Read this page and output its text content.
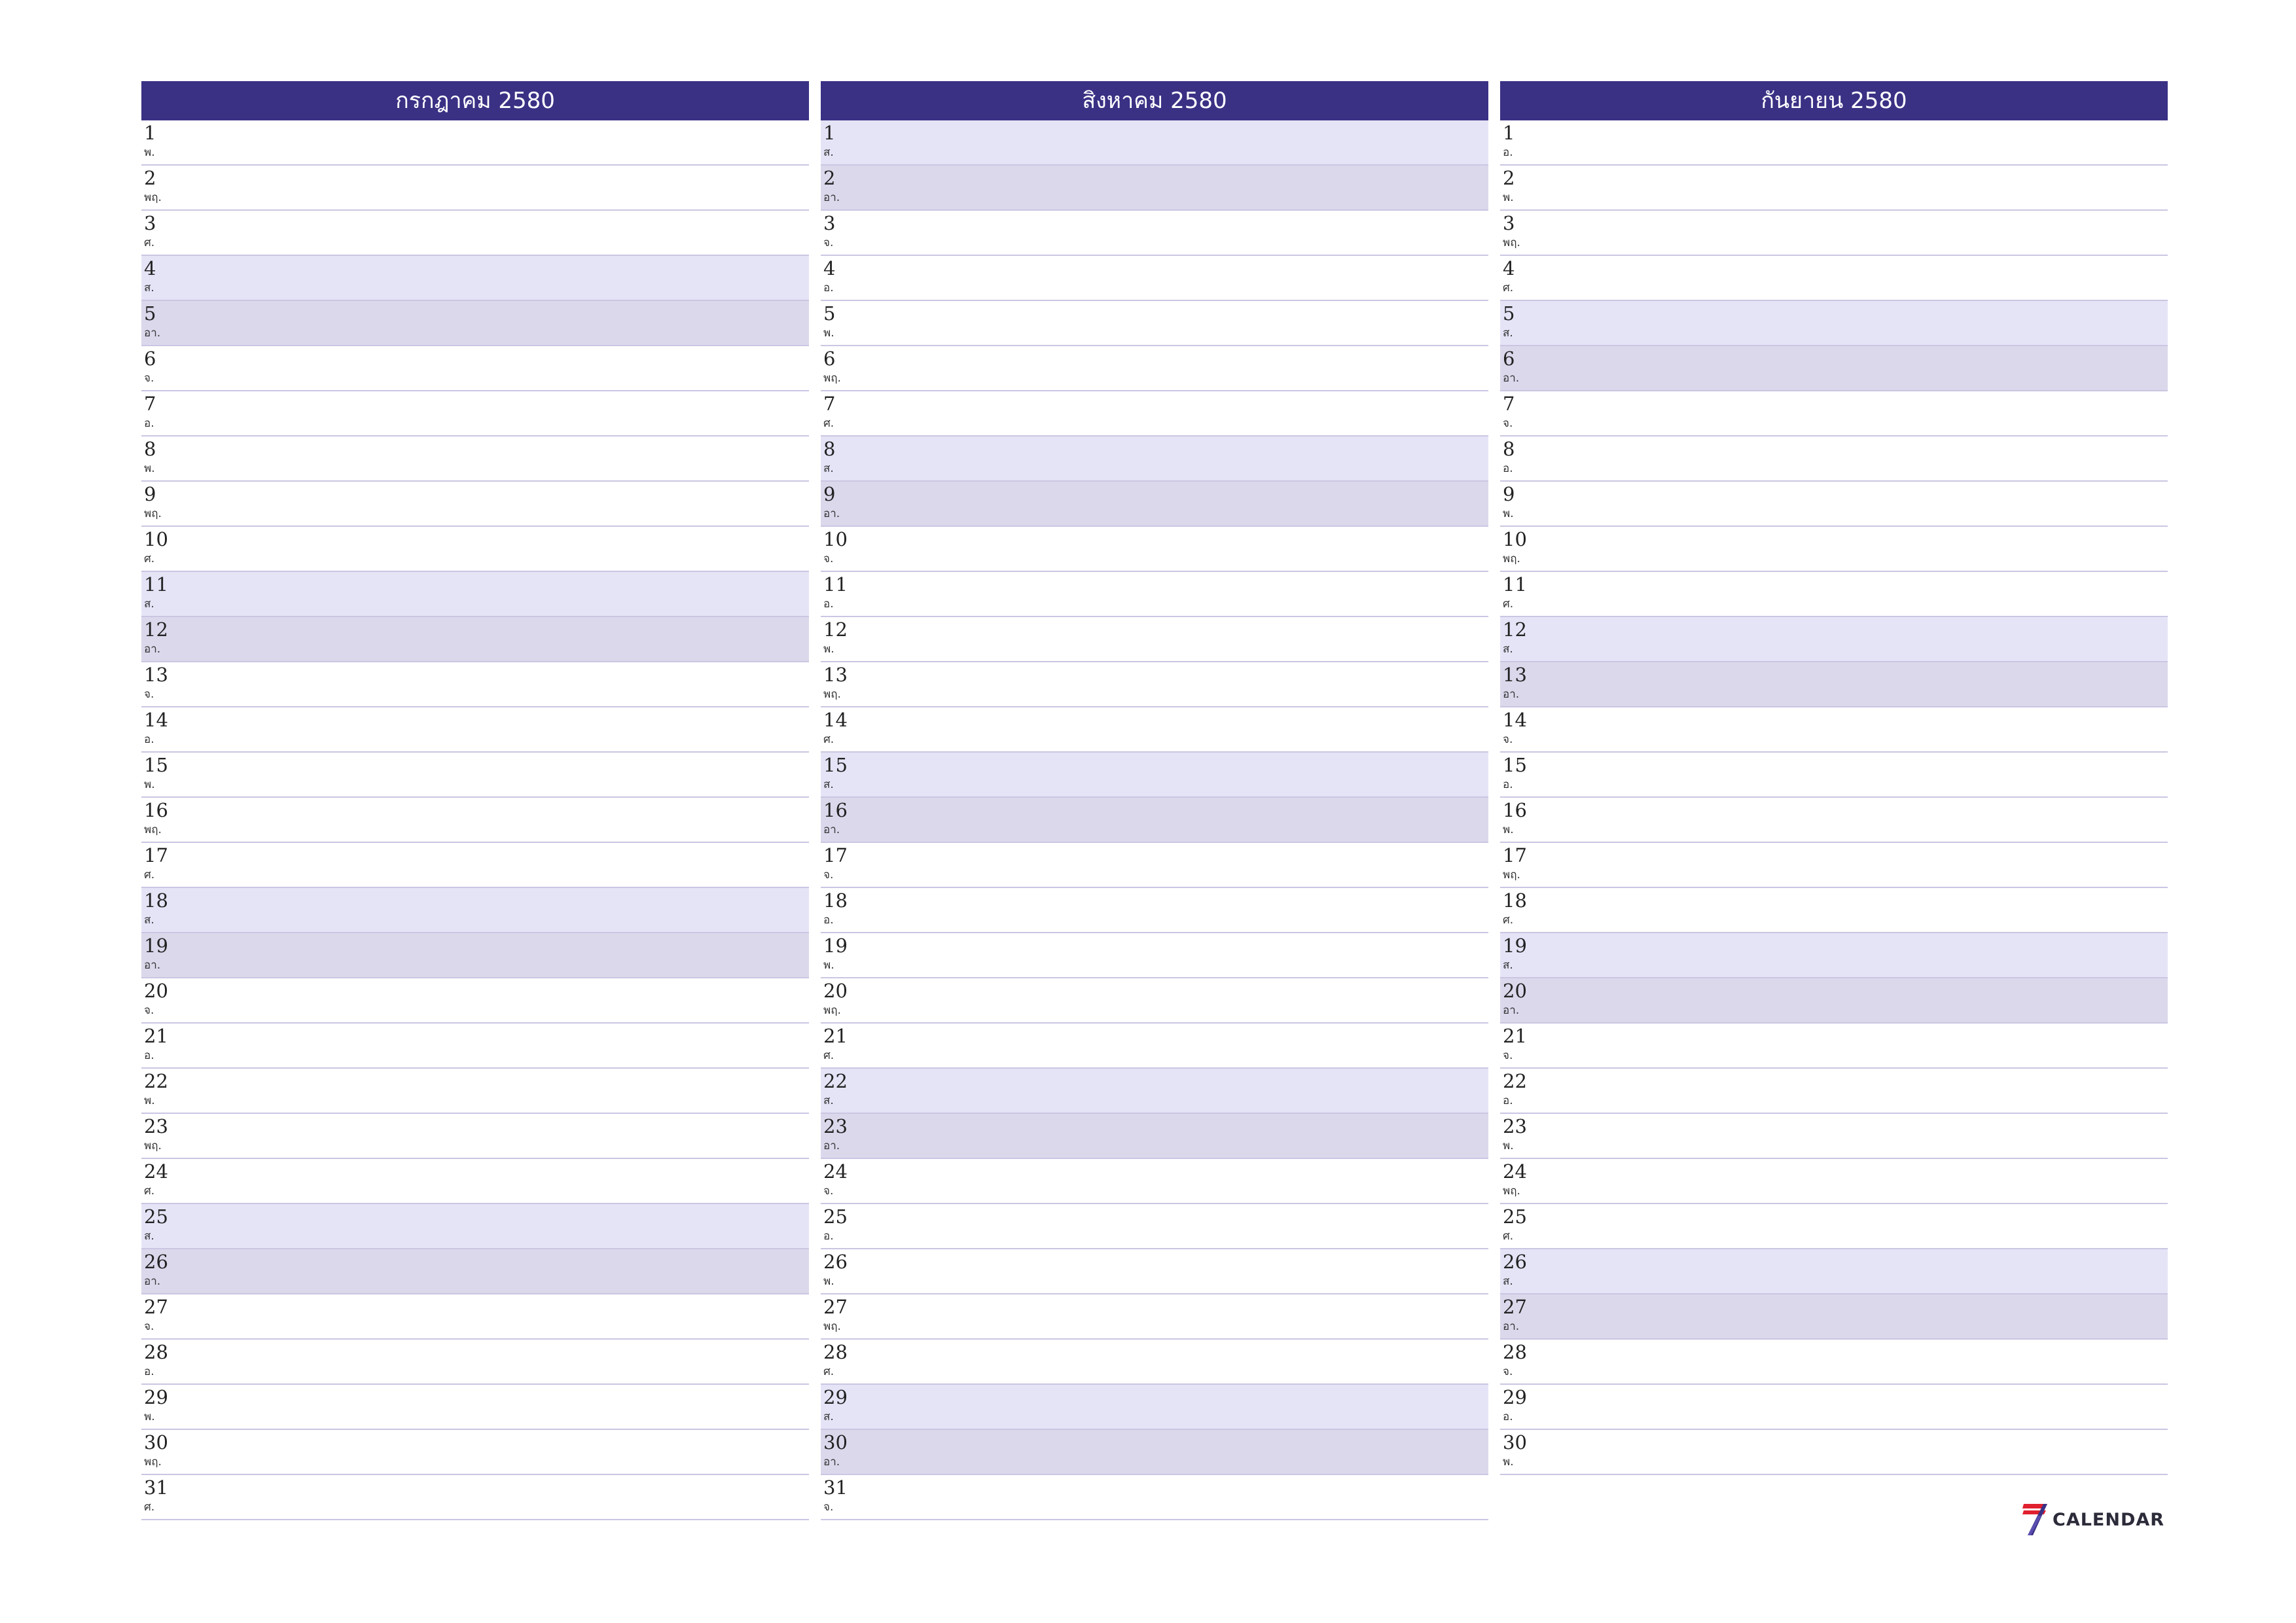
กรกฎาคม 2580
1
พ.
2
พฤ.
3
ศ.
4
ส.
5
อา.
6
จ.
7
อ.
8
พ.
9
พฤ.
10
ศ.
11
ส.
12
อา.
13
จ.
14
อ.
15
พ.
16
พฤ.
17
ศ.
18
ส.
19
อา.
20
จ.
21
อ.
22
พ.
23
พฤ.
24
ศ.
25
ส.
26
อา.
27
จ.
28
อ.
29
พ.
30
พฤ.
31
ศ.
สิงหาคม 2580
1
ส.
2
อา.
3
จ.
4
อ.
5
พ.
6
พฤ.
7
ศ.
8
ส.
9
อา.
10
จ.
11
อ.
12
พ.
13
พฤ.
14
ศ.
15
ส.
16
อา.
17
จ.
18
อ.
19
พ.
20
พฤ.
21
ศ.
22
ส.
23
อา.
24
จ.
25
อ.
26
พ.
27
พฤ.
28
ศ.
29
ส.
30
อา.
31
จ.
กันยายน 2580
1
อ.
2
พ.
3
พฤ.
4
ศ.
5
ส.
6
อา.
7
จ.
8
อ.
9
พ.
10
พฤ.
11
ศ.
12
ส.
13
อา.
14
จ.
15
อ.
16
พ.
17
พฤ.
18
ศ.
19
ส.
20
อา.
21
จ.
22
อ.
23
พ.
24
พฤ.
25
ศ.
26
ส.
27
อา.
28
จ.
29
อ.
30
พ.
CALENDAR
